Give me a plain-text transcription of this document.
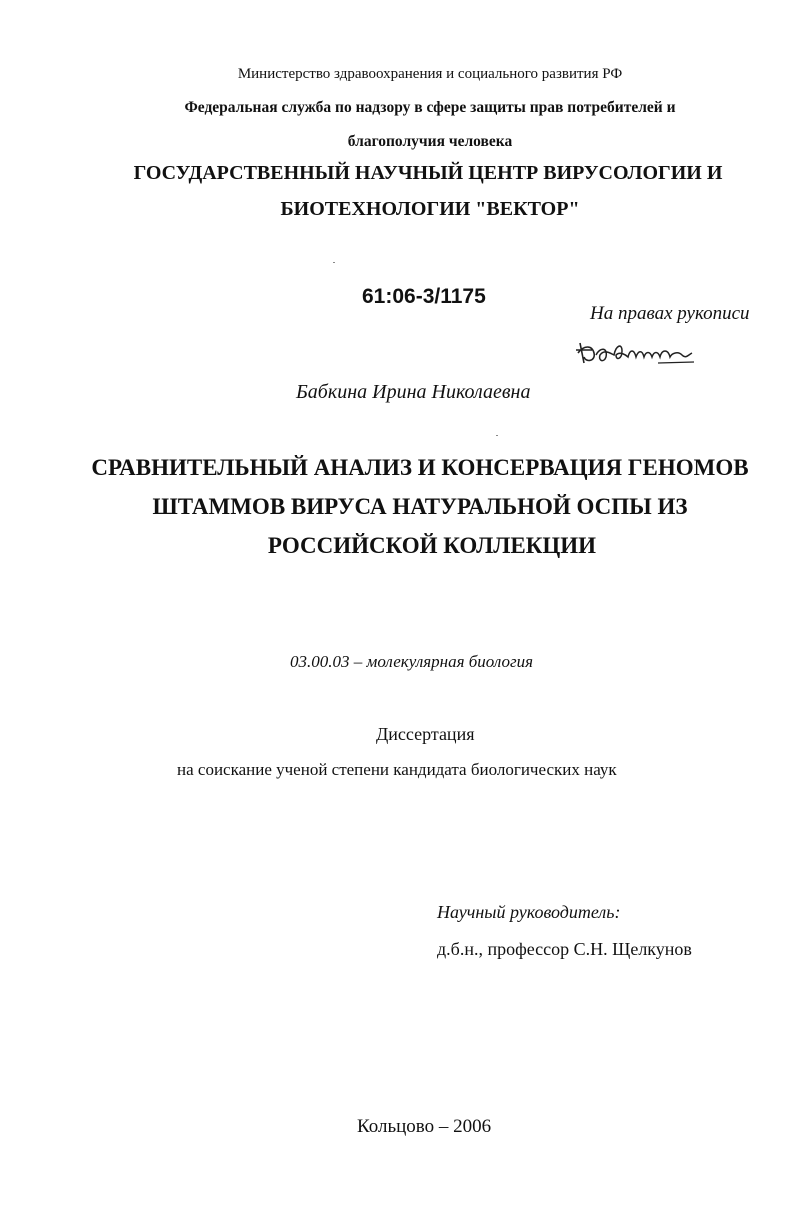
Министерство здравоохранения и социального развития РФ
Федеральная служба по надзору в сфере защиты прав потребителей и
благополучия человека
ГОСУДАРСТВЕННЫЙ НАУЧНЫЙ ЦЕНТР ВИРУСОЛОГИИ И
БИОТЕХНОЛОГИИ "ВЕКТОР"
61:06-3/1175
На правах рукописи
Бабкина Ирина Николаевна
СРАВНИТЕЛЬНЫЙ АНАЛИЗ И КОНСЕРВАЦИЯ ГЕНОМОВ
ШТАММОВ ВИРУСА НАТУРАЛЬНОЙ ОСПЫ ИЗ
РОССИЙСКОЙ КОЛЛЕКЦИИ
03.00.03 – молекулярная биология
Диссертация
на соискание ученой степени кандидата биологических наук
Научный руководитель:
д.б.н., профессор С.Н. Щелкунов
Кольцово – 2006
